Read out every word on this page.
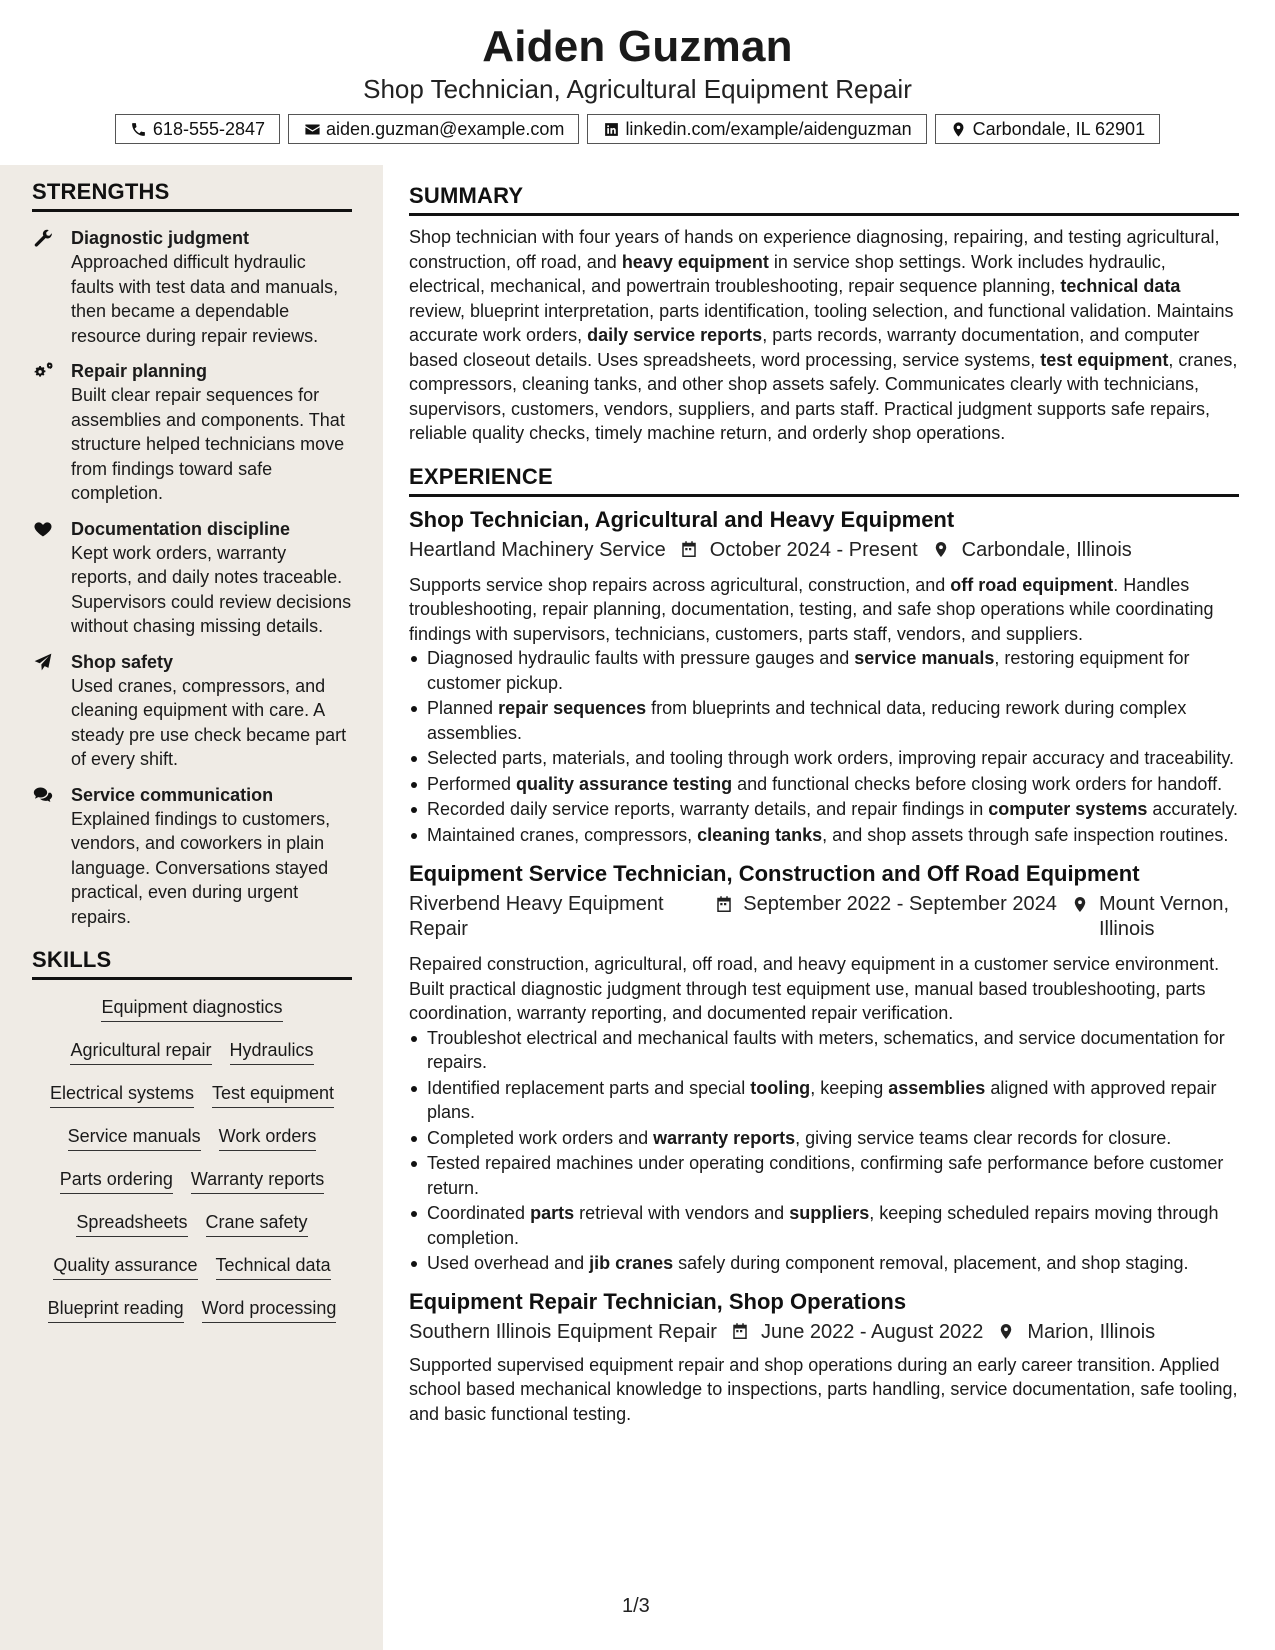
Aiden Guzman
Shop Technician, Agricultural Equipment Repair
618-555-2847	aiden.guzman@example.com	linkedin.com/example/aidenguzman	Carbondale, IL 62901
STRENGTHS
Diagnostic judgment
Approached difficult hydraulic faults with test data and manuals, then became a dependable resource during repair reviews.
Repair planning
Built clear repair sequences for assemblies and components. That structure helped technicians move from findings toward safe completion.
Documentation discipline
Kept work orders, warranty reports, and daily notes traceable. Supervisors could review decisions without chasing missing details.
Shop safety
Used cranes, compressors, and cleaning equipment with care. A steady pre use check became part of every shift.
Service communication
Explained findings to customers, vendors, and coworkers in plain language. Conversations stayed practical, even during urgent repairs.
SKILLS
Equipment diagnostics
Agricultural repair Hydraulics
Electrical systems Test equipment
Service manuals Work orders
Parts ordering Warranty reports
Spreadsheets Crane safety
Quality assurance Technical data
Blueprint reading Word processing
SUMMARY
Shop technician with four years of hands on experience diagnosing, repairing, and testing agricultural, construction, off road, and heavy equipment in service shop settings. Work includes hydraulic, electrical, mechanical, and powertrain troubleshooting, repair sequence planning, technical data review, blueprint interpretation, parts identification, tooling selection, and functional validation. Maintains accurate work orders, daily service reports, parts records, warranty documentation, and computer based closeout details. Uses spreadsheets, word processing, service systems, test equipment, cranes, compressors, cleaning tanks, and other shop assets safely. Communicates clearly with technicians, supervisors, customers, vendors, suppliers, and parts staff. Practical judgment supports safe repairs, reliable quality checks, timely machine return, and orderly shop operations.
EXPERIENCE
Shop Technician, Agricultural and Heavy Equipment
Heartland Machinery Service October 2024 - Present Carbondale, Illinois
Supports service shop repairs across agricultural, construction, and off road equipment. Handles troubleshooting, repair planning, documentation, testing, and safe shop operations while coordinating findings with supervisors, technicians, customers, parts staff, vendors, and suppliers.
Diagnosed hydraulic faults with pressure gauges and service manuals, restoring equipment for customer pickup.
Planned repair sequences from blueprints and technical data, reducing rework during complex assemblies.
Selected parts, materials, and tooling through work orders, improving repair accuracy and traceability.
Performed quality assurance testing and functional checks before closing work orders for handoff.
Recorded daily service reports, warranty details, and repair findings in computer systems accurately.
Maintained cranes, compressors, cleaning tanks, and shop assets through safe inspection routines.
Equipment Service Technician, Construction and Off Road Equipment
Riverbend Heavy Equipment Repair
September 2022 - September 2024 Mount Vernon, Illinois
Repaired construction, agricultural, off road, and heavy equipment in a customer service environment. Built practical diagnostic judgment through test equipment use, manual based troubleshooting, parts coordination, warranty reporting, and documented repair verification.
Troubleshot electrical and mechanical faults with meters, schematics, and service documentation for repairs.
Identified replacement parts and special tooling, keeping assemblies aligned with approved repair plans.
Completed work orders and warranty reports, giving service teams clear records for closure.
Tested repaired machines under operating conditions, confirming safe performance before customer return.
Coordinated parts retrieval with vendors and suppliers, keeping scheduled repairs moving through completion.
Used overhead and jib cranes safely during component removal, placement, and shop staging.
Equipment Repair Technician, Shop Operations
Southern Illinois Equipment Repair June 2022 - August 2022 Marion, Illinois
Supported supervised equipment repair and shop operations during an early career transition. Applied school based mechanical knowledge to inspections, parts handling, service documentation, safe tooling, and basic functional testing.
1/3
